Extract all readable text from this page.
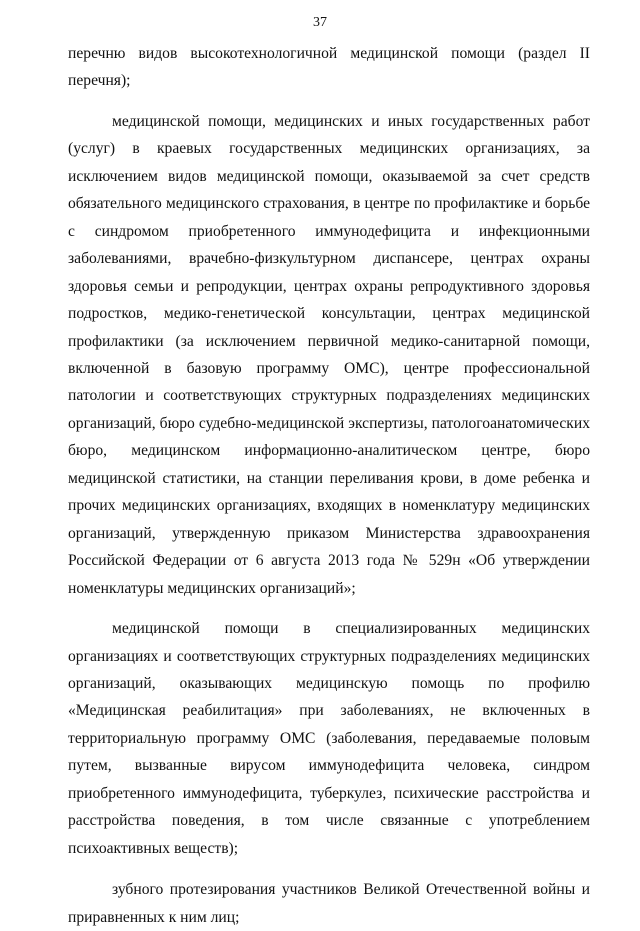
37

перечню видов высокотехнологичной медицинской помощи (раздел II перечня);

медицинской помощи, медицинских и иных государственных работ (услуг) в краевых государственных медицинских организациях, за исключением видов медицинской помощи, оказываемой за счет средств обязательного медицинского страхования, в центре по профилактике и борьбе с синдромом приобретенного иммунодефицита и инфекционными заболеваниями, врачебно-физкультурном диспансере, центрах охраны здоровья семьи и репродукции, центрах охраны репродуктивного здоровья подростков, медико-генетической консультации, центрах медицинской профилактики (за исключением первичной медико-санитарной помощи, включенной в базовую программу ОМС), центре профессиональной патологии и соответствующих структурных подразделениях медицинских организаций, бюро судебно-медицинской экспертизы, патологоанатомических бюро, медицинском информационно-аналитическом центре, бюро медицинской статистики, на станции переливания крови, в доме ребенка и прочих медицинских организациях, входящих в номенклатуру медицинских организаций, утвержденную приказом Министерства здравоохранения Российской Федерации от 6 августа 2013 года № 529н «Об утверждении номенклатуры медицинских организаций»;

медицинской помощи в специализированных медицинских организациях и соответствующих структурных подразделениях медицинских организаций, оказывающих медицинскую помощь по профилю «Медицинская реабилитация» при заболеваниях, не включенных в территориальную программу ОМС (заболевания, передаваемые половым путем, вызванные вирусом иммунодефицита человека, синдром приобретенного иммунодефицита, туберкулез, психические расстройства и расстройства поведения, в том числе связанные с употреблением психоактивных веществ);

зубного протезирования участников Великой Отечественной войны и приравненных к ним лиц;
